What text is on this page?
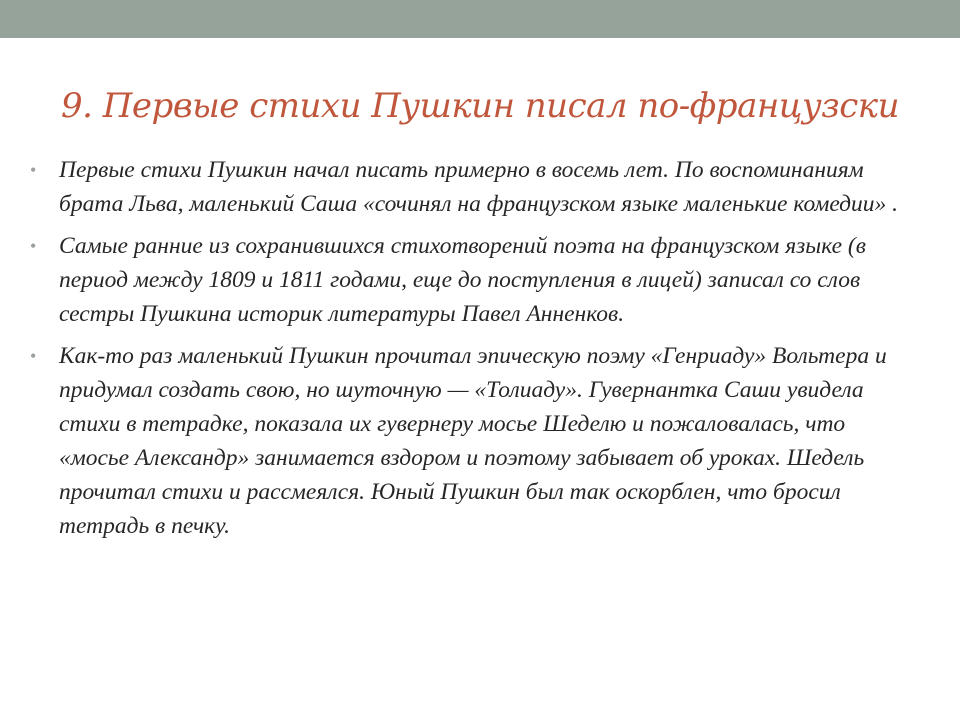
9. Первые стихи Пушкин писал по-французски
• Первые стихи Пушкин начал писать примерно в восемь лет. По воспоминаниям брата Льва, маленький Саша «сочинял на французском языке маленькие комедии» .
• Самые ранние из сохранившихся стихотворений поэта на французском языке (в период между 1809 и 1811 годами, еще до поступления в лицей) записал со слов сестры Пушкина историк литературы Павел Анненков.
• Как-то раз маленький Пушкин прочитал эпическую поэму «Генриаду» Вольтера и придумал создать свою, но шуточную — «Толиаду». Гувернантка Саши увидела стихи в тетрадке, показала их гувернеру мосье Шеделю и пожаловалась, что «мосье Александр» занимается вздором и поэтому забывает об уроках. Шедель прочитал стихи и рассмеялся. Юный Пушкин был так оскорблен, что бросил тетрадь в печку.
